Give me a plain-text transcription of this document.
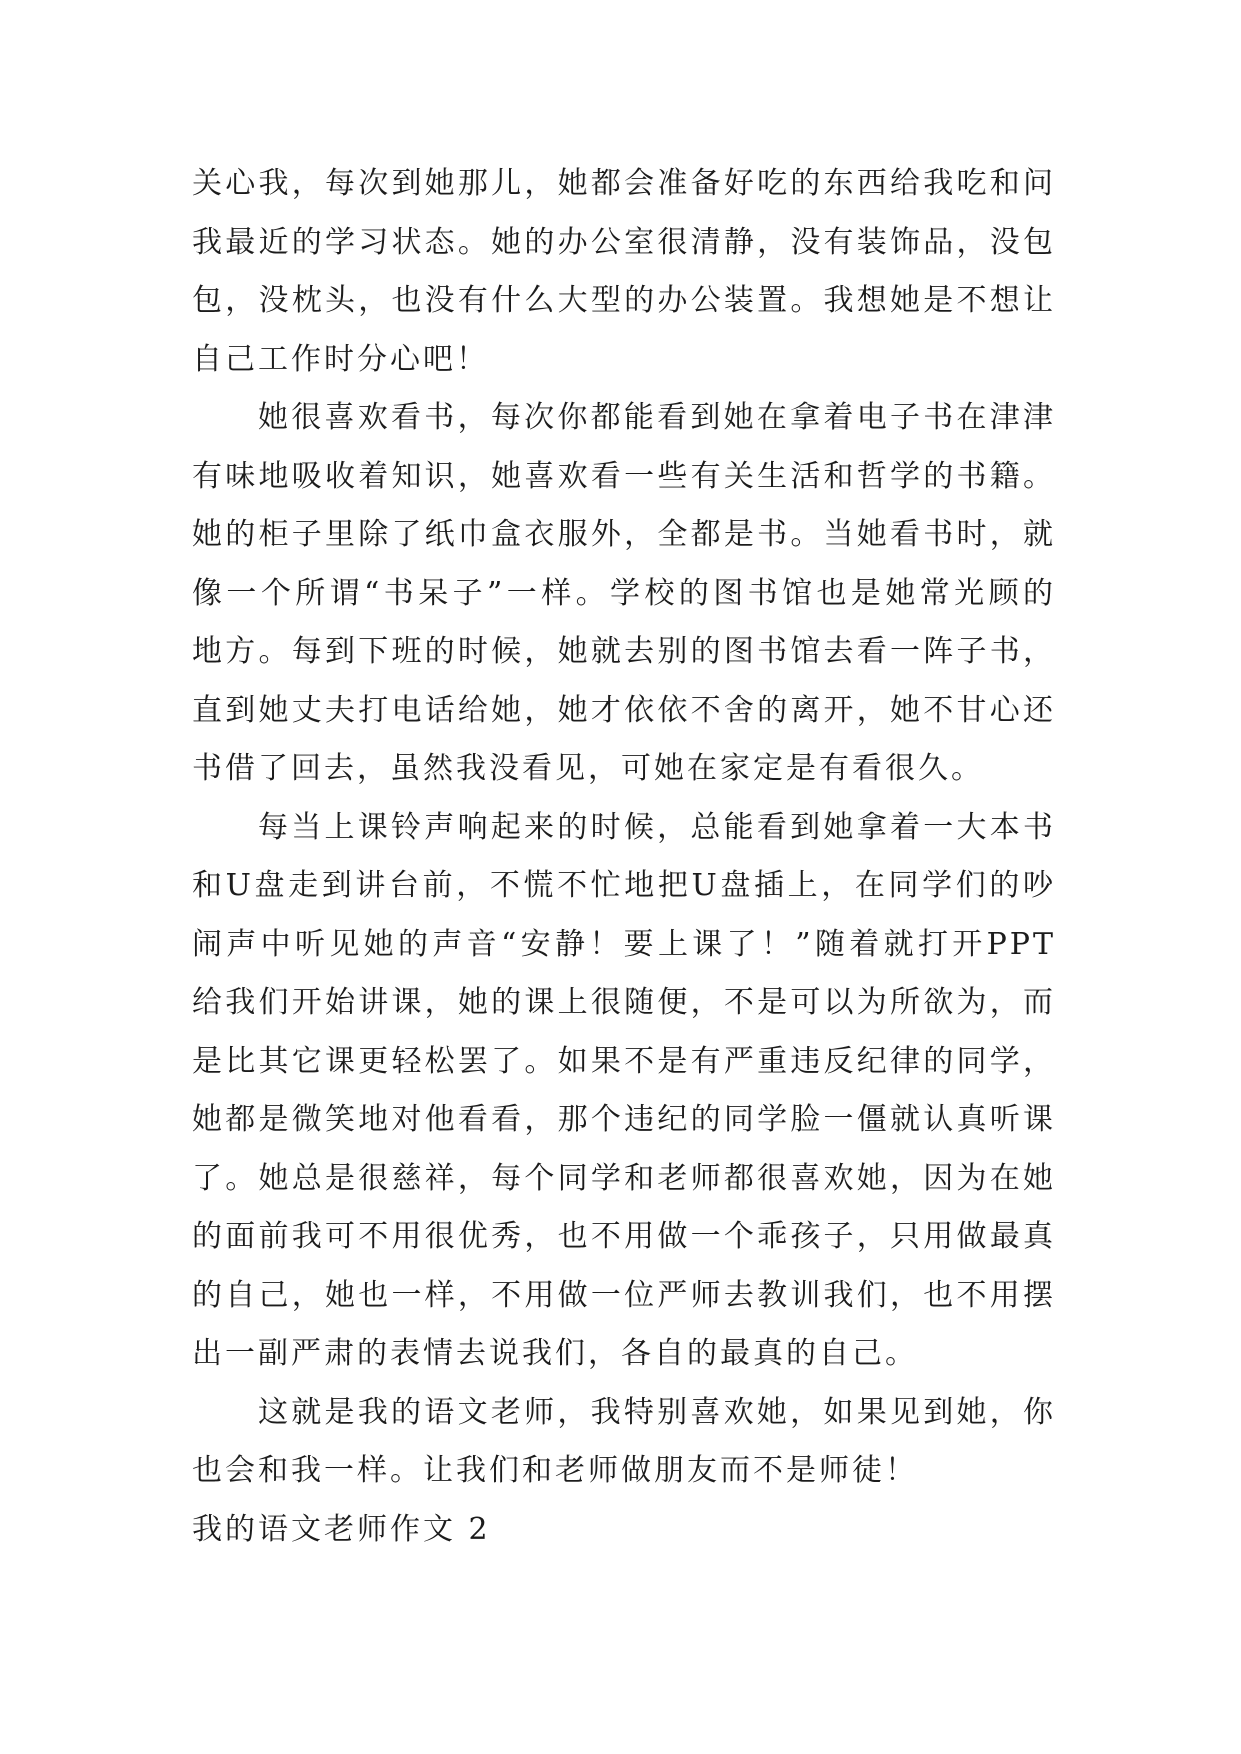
关心我，每次到她那儿，她都会准备好吃的东西给我吃和问
我最近的学习状态。她的办公室很清静，没有装饰品，没包
包，没枕头，也没有什么大型的办公装置。我想她是不想让
自己工作时分心吧！
她很喜欢看书，每次你都能看到她在拿着电子书在津津
有味地吸收着知识，她喜欢看一些有关生活和哲学的书籍。
她的柜子里除了纸巾盒衣服外，全都是书。当她看书时，就
像一个所谓“书呆子”一样。学校的图书馆也是她常光顾的
地方。每到下班的时候，她就去别的图书馆去看一阵子书，
直到她丈夫打电话给她，她才依依不舍的离开，她不甘心还
书借了回去，虽然我没看见，可她在家定是有看很久。
每当上课铃声响起来的时候，总能看到她拿着一大本书
和U盘走到讲台前，不慌不忙地把U盘插上，在同学们的吵
闹声中听见她的声音“安静！要上课了！”随着就打开PPT
给我们开始讲课，她的课上很随便，不是可以为所欲为，而
是比其它课更轻松罢了。如果不是有严重违反纪律的同学，
她都是微笑地对他看看，那个违纪的同学脸一僵就认真听课
了。她总是很慈祥，每个同学和老师都很喜欢她，因为在她
的面前我可不用很优秀，也不用做一个乖孩子，只用做最真
的自己，她也一样，不用做一位严师去教训我们，也不用摆
出一副严肃的表情去说我们，各自的最真的自己。
这就是我的语文老师，我特别喜欢她，如果见到她，你
也会和我一样。让我们和老师做朋友而不是师徒！
我的语文老师作文 2
